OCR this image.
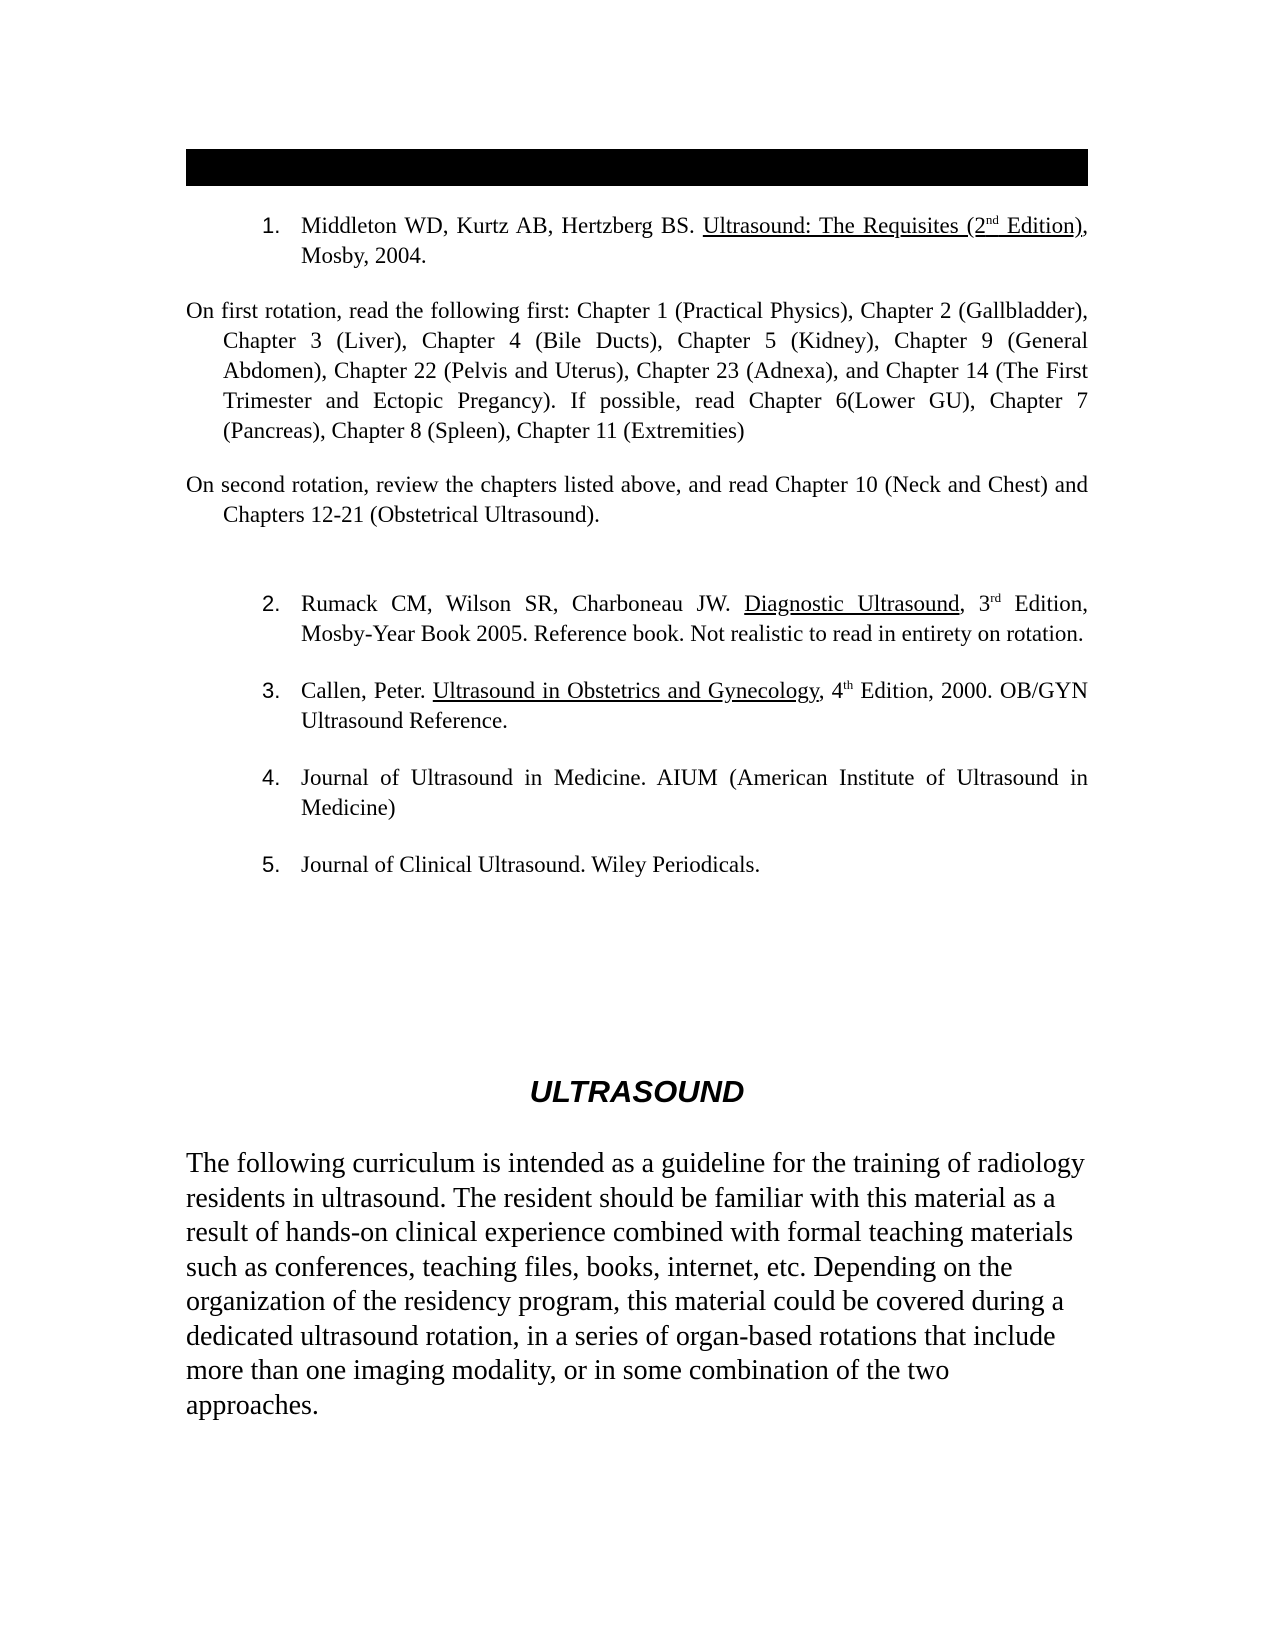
1. Middleton WD, Kurtz AB, Hertzberg BS. Ultrasound: The Requisites (2nd Edition), Mosby, 2004.

On first rotation, read the following first: Chapter 1 (Practical Physics), Chapter 2 (Gallbladder), Chapter 3 (Liver), Chapter 4 (Bile Ducts), Chapter 5 (Kidney), Chapter 9 (General Abdomen), Chapter 22 (Pelvis and Uterus), Chapter 23 (Adnexa), and Chapter 14 (The First Trimester and Ectopic Pregancy). If possible, read Chapter 6(Lower GU), Chapter 7 (Pancreas), Chapter 8 (Spleen), Chapter 11 (Extremities)

On second rotation, review the chapters listed above, and read Chapter 10 (Neck and Chest) and Chapters 12-21 (Obstetrical Ultrasound).

2. Rumack CM, Wilson SR, Charboneau JW. Diagnostic Ultrasound, 3rd Edition, Mosby-Year Book 2005. Reference book. Not realistic to read in entirety on rotation.
3. Callen, Peter. Ultrasound in Obstetrics and Gynecology, 4th Edition, 2000. OB/GYN Ultrasound Reference.
4. Journal of Ultrasound in Medicine. AIUM (American Institute of Ultrasound in Medicine)
5. Journal of Clinical Ultrasound. Wiley Periodicals.
ULTRASOUND

The following curriculum is intended as a guideline for the training of radiology residents in ultrasound. The resident should be familiar with this material as a result of hands-on clinical experience combined with formal teaching materials such as conferences, teaching files, books, internet, etc. Depending on the organization of the residency program, this material could be covered during a dedicated ultrasound rotation, in a series of organ-based rotations that include more than one imaging modality, or in some combination of the two approaches.
